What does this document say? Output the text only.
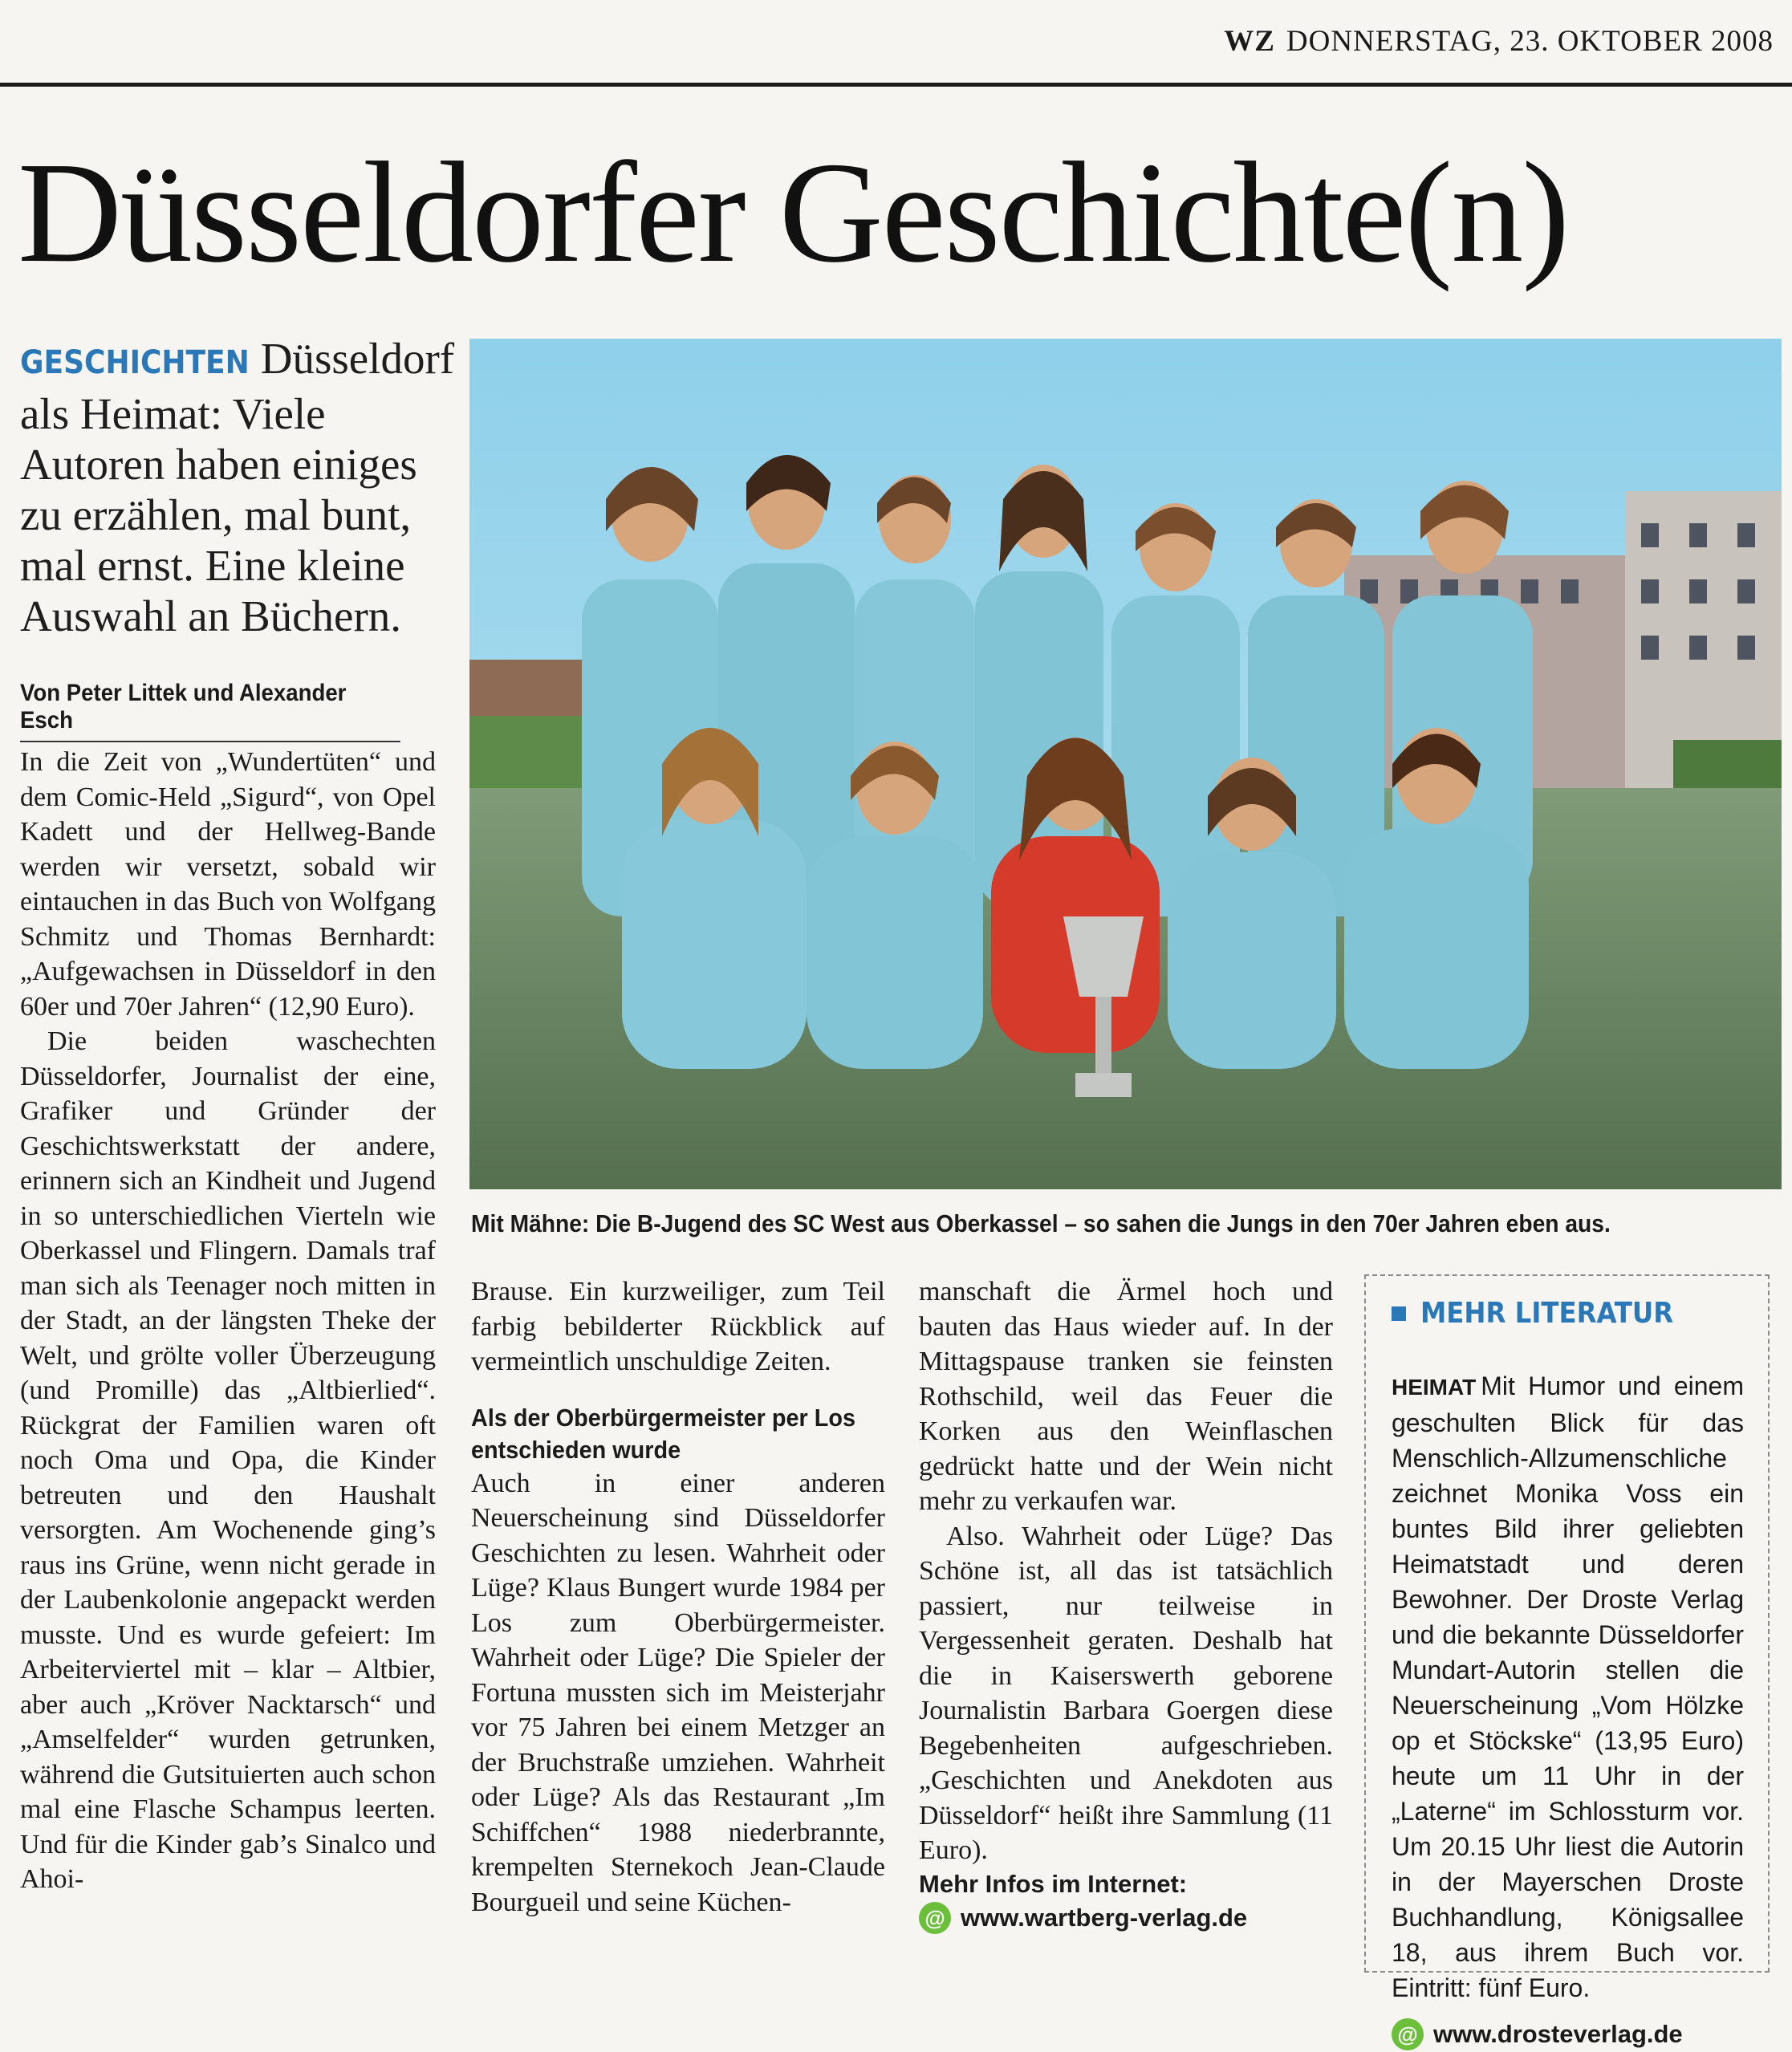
WZ DONNERSTAG, 23. OKTOBER 2008
Düsseldorfer Geschichte(n)
GESCHICHTEN Düsseldorf als Heimat: Viele Autoren haben einiges zu erzählen, mal bunt, mal ernst. Eine kleine Auswahl an Büchern.
Von Peter Littek und Alexander Esch

In die Zeit von „Wundertüten“ und dem Comic-Held „Sigurd“, von Opel Kadett und der Hellweg-Bande werden wir versetzt, sobald wir eintauchen in das Buch von Wolfgang Schmitz und Thomas Bernhardt: „Aufgewachsen in Düsseldorf in den 60er und 70er Jahren“ (12,90 Euro).

Die beiden waschechten Düsseldorfer, Journalist der eine, Grafiker und Gründer der Geschichtswerkstatt der andere, erinnern sich an Kindheit und Jugend in so unterschiedlichen Vierteln wie Oberkassel und Flingern. Damals traf man sich als Teenager noch mitten in der Stadt, an der längsten Theke der Welt, und grölte voller Überzeugung (und Promille) das „Altbierlied“. Rückgrat der Familien waren oft noch Oma und Opa, die Kinder betreuten und den Haushalt versorgten. Am Wochenende ging’s raus ins Grüne, wenn nicht gerade in der Laubenkolonie angepackt werden musste. Und es wurde gefeiert: Im Arbeiterviertel mit – klar – Altbier, aber auch „Kröver Nacktarsch“ und „Amselfelder“ wurden getrunken, während die Gutsituierten auch schon mal eine Flasche Schampus leerten. Und für die Kinder gab’s Sinalco und Ahoi-

Mit Mähne: Die B-Jugend des SC West aus Oberkassel – so sahen die Jungs in den 70er Jahren eben aus.

Brause. Ein kurzweiliger, zum Teil farbig bebilderter Rückblick auf vermeintlich unschuldige Zeiten.

Als der Oberbürgermeister per Los entschieden wurde

Auch in einer anderen Neuerscheinung sind Düsseldorfer Geschichten zu lesen. Wahrheit oder Lüge? Klaus Bungert wurde 1984 per Los zum Oberbürgermeister. Wahrheit oder Lüge? Die Spieler der Fortuna mussten sich im Meisterjahr vor 75 Jahren bei einem Metzger an der Bruchstraße umziehen. Wahrheit oder Lüge? Als das Restaurant „Im Schiffchen“ 1988 niederbrannte, krempelten Sternekoch Jean-Claude Bourgueil und seine Küchen-

manschaft die Ärmel hoch und bauten das Haus wieder auf. In der Mittagspause tranken sie feinsten Rothschild, weil das Feuer die Korken aus den Weinflaschen gedrückt hatte und der Wein nicht mehr zu verkaufen war.

Also. Wahrheit oder Lüge? Das Schöne ist, all das ist tatsächlich passiert, nur teilweise in Vergessenheit geraten. Deshalb hat die in Kaiserswerth geborene Journalistin Barbara Goergen diese Begebenheiten aufgeschrieben. „Geschichten und Anekdoten aus Düsseldorf“ heißt ihre Sammlung (11 Euro).

Mehr Infos im Internet:
@ www.wartberg-verlag.de
MEHR LITERATUR
HEIMAT Mit Humor und einem geschulten Blick für das Menschlich-Allzumenschliche zeichnet Monika Voss ein buntes Bild ihrer geliebten Heimatstadt und deren Bewohner. Der Droste Verlag und die bekannte Düsseldorfer Mundart-Autorin stellen die Neuerscheinung „Vom Hölzke op et Stöckske“ (13,95 Euro) heute um 11 Uhr in der „Laterne“ im Schlossturm vor. Um 20.15 Uhr liest die Autorin in der Mayerschen Droste Buchhandlung, Königsallee 18, aus ihrem Buch vor. Eintritt: fünf Euro.
@ www.drosteverlag.de
